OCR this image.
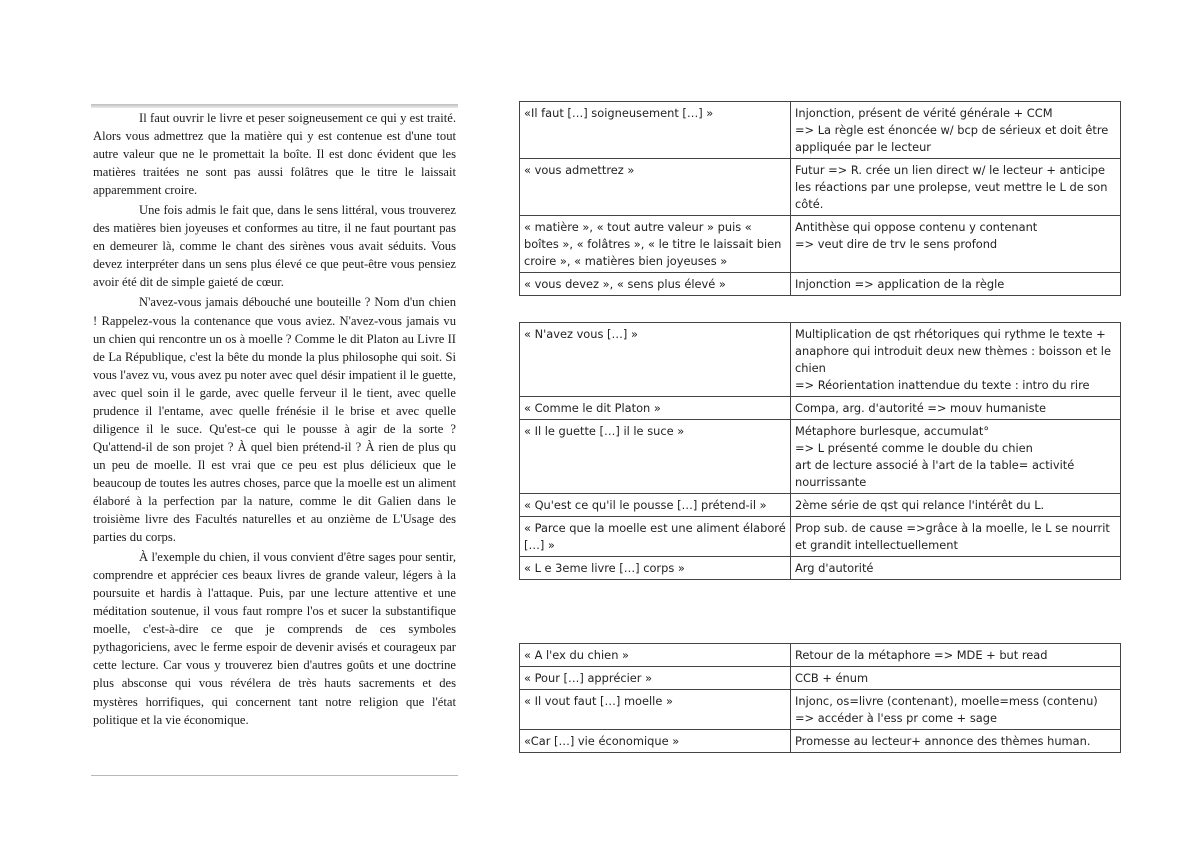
Il faut ouvrir le livre et peser soigneusement ce qui y est traité. Alors vous admettrez que la matière qui y est contenue est d'une tout autre valeur que ne le promettait la boîte. Il est donc évident que les matières traitées ne sont pas aussi folâtres que le titre le laissait apparemment croire.

Une fois admis le fait que, dans le sens littéral, vous trouverez des matières bien joyeuses et conformes au titre, il ne faut pourtant pas en demeurer là, comme le chant des sirènes vous avait séduits. Vous devez interpréter dans un sens plus élevé ce que peut-être vous pensiez avoir été dit de simple gaieté de cœur.

N'avez-vous jamais débouché une bouteille ? Nom d'un chien ! Rappelez-vous la contenance que vous aviez. N'avez-vous jamais vu un chien qui rencontre un os à moelle ? Comme le dit Platon au Livre II de La République, c'est la bête du monde la plus philosophe qui soit. Si vous l'avez vu, vous avez pu noter avec quel désir impatient il le guette, avec quel soin il le garde, avec quelle ferveur il le tient, avec quelle prudence il l'entame, avec quelle frénésie il le brise et avec quelle diligence il le suce. Qu'est-ce qui le pousse à agir de la sorte ? Qu'attend-il de son projet ? À quel bien prétend-il ? À rien de plus qu un peu de moelle. Il est vrai que ce peu est plus délicieux que le beaucoup de toutes les autres choses, parce que la moelle est un aliment élaboré à la perfection par la nature, comme le dit Galien dans le troisième livre des Facultés naturelles et au onzième de L'Usage des parties du corps.

À l'exemple du chien, il vous convient d'être sages pour sentir, comprendre et apprécier ces beaux livres de grande valeur, légers à la poursuite et hardis à l'attaque. Puis, par une lecture attentive et une méditation soutenue, il vous faut rompre l'os et sucer la substantifique moelle, c'est-à-dire ce que je comprends de ces symboles pythagoriciens, avec le ferme espoir de devenir avisés et courageux par cette lecture. Car vous y trouverez bien d'autres goûts et une doctrine plus absconse qui vous révélera de très hauts sacrements et des mystères horrifiques, qui concernent tant notre religion que l'état politique et la vie économique.

«Il faut […] soigneusement […] »	Injonction, présent de vérité générale + CCM
=> La règle est énoncée w/ bcp de sérieux et doit être appliquée par le lecteur
« vous admettrez »	Futur => R. crée un lien direct w/ le lecteur + anticipe les réactions par une prolepse, veut mettre le L de son côté.
« matière », « tout autre valeur » puis « boîtes », « folâtres », « le titre le laissait bien croire », « matières bien joyeuses »	Antithèse qui oppose contenu y contenant
=> veut dire de trv le sens profond
« vous devez », « sens plus élevé »	Injonction => application de la règle
« N'avez vous […] »	Multiplication de qst rhétoriques qui rythme le texte + anaphore qui introduit deux new thèmes : boisson et le chien
=> Réorientation inattendue du texte : intro du rire
« Comme le dit Platon »	Compa, arg. d'autorité => mouv humaniste
« Il le guette […] il le suce »	Métaphore burlesque, accumulat°
=> L présenté comme le double du chien
art de lecture associé à l'art de la table= activité nourrissante
« Qu'est ce qu'il le pousse […] prétend-il »	2ème série de qst qui relance l'intérêt du L.
« Parce que la moelle est une aliment élaboré […] »	Prop sub. de cause =>grâce à la moelle, le L se nourrit et grandit intellectuellement
« L e 3eme livre […] corps »	Arg d'autorité
« A l'ex du chien »	Retour de la métaphore => MDE + but read
« Pour […] apprécier »	CCB + énum
« Il vout faut […] moelle »	Injonc, os=livre (contenant), moelle=mess (contenu)
=> accéder à l'ess pr come + sage
«Car […] vie économique »	Promesse au lecteur+ annonce des thèmes human.
